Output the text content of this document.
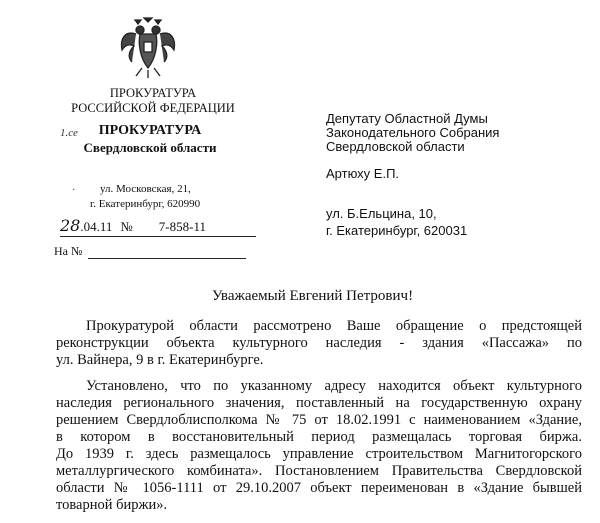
ПРОКУРАТУРА
РОССИЙСКОЙ ФЕДЕРАЦИИ
1.се	ПРОКУРАТУРА
Свердловской области
· ул. Московская, 21,
г. Екатеринбург, 620990
28.04.11 № 7-858-11
На №
Депутату Областной Думы
Законодательного Собрания
Свердловской области
Артюху Е.П.
ул. Б.Ельцина, 10,
г. Екатеринбург, 620031
Уважаемый Евгений Петрович!
Прокуратурой области рассмотрено Ваше обращение о предстоящей
реконструкции объекта культурного наследия - здания «Пассажа» по
ул. Вайнера, 9 в г. Екатеринбурге.
Установлено, что по указанному адресу находится объект культурного
наследия регионального значения, поставленный на государственную охрану
решением Свердлоблисполкома № 75 от 18.02.1991 с наименованием «Здание,
в котором в восстановительный период размещалась торговая биржа.
До 1939 г. здесь размещалось управление строительством Магнитогорского
металлургического комбината». Постановлением Правительства Свердловской
области № 1056-1111 от 29.10.2007 объект переименован в «Здание бывшей
товарной биржи».
